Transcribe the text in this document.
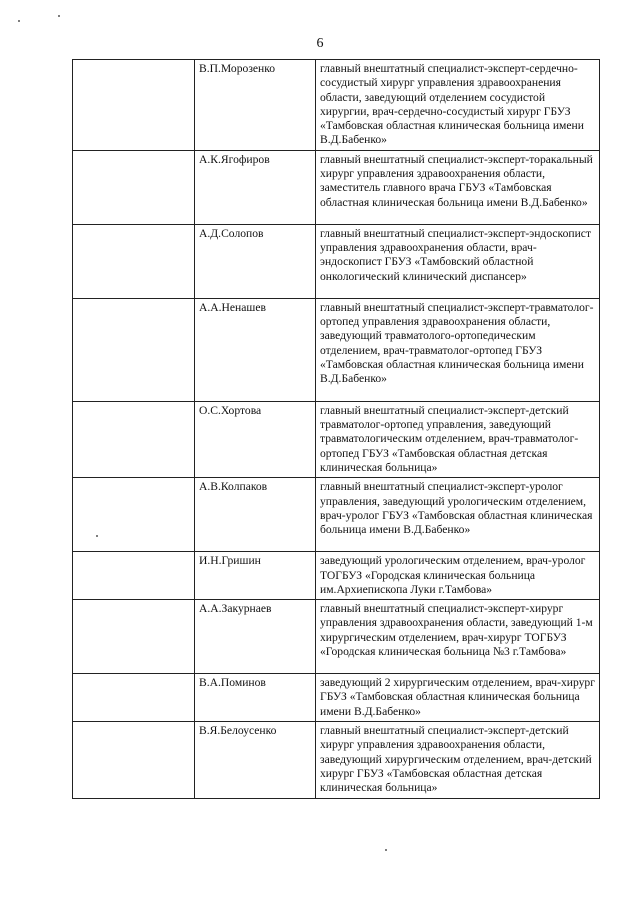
6
	В.П.Морозенко	главный внештатный специалист-эксперт-сердечно-сосудистый хирург управления здравоохранения области, заведующий отделением сосудистой хирургии, врач-сердечно-сосудистый хирург ГБУЗ «Тамбовская областная клиническая больница имени В.Д.Бабенко»
	А.К.Ягофиров	главный внештатный специалист-эксперт-торакальный хирург управления здравоохранения области, заместитель главного врача ГБУЗ «Тамбовская областная клиническая больница имени В.Д.Бабенко»
	А.Д.Солопов	главный внештатный специалист-эксперт-эндоскопист управления здравоохранения области, врач-эндоскопист ГБУЗ «Тамбовский областной онкологический клинический диспансер»
	А.А.Ненашев	главный внештатный специалист-эксперт-травматолог-ортопед управления здравоохранения области, заведующий травматолого-ортопедическим отделением, врач-травматолог-ортопед ГБУЗ «Тамбовская областная клиническая больница имени В.Д.Бабенко»
	О.С.Хортова	главный внештатный специалист-эксперт-детский травматолог-ортопед управления, заведующий травматологическим отделением, врач-травматолог-ортопед ГБУЗ «Тамбовская областная детская клиническая больница»
	А.В.Колпаков	главный внештатный специалист-эксперт-уролог управления, заведующий урологическим отделением, врач-уролог ГБУЗ «Тамбовская областная клиническая больница имени В.Д.Бабенко»
	И.Н.Гришин	заведующий урологическим отделением, врач-уролог ТОГБУЗ «Городская клиническая больница им.Архиепископа Луки г.Тамбова»
	А.А.Закурнаев	главный внештатный специалист-эксперт-хирург управления здравоохранения области, заведующий 1-м хирургическим отделением, врач-хирург ТОГБУЗ «Городская клиническая больница №3 г.Тамбова»
	В.А.Поминов	заведующий 2 хирургическим отделением, врач-хирург ГБУЗ «Тамбовская областная клиническая больница имени В.Д.Бабенко»
	В.Я.Белоусенко	главный внештатный специалист-эксперт-детский хирург управления здравоохранения области, заведующий хирургическим отделением, врач-детский хирург ГБУЗ «Тамбовская областная детская клиническая больница»
